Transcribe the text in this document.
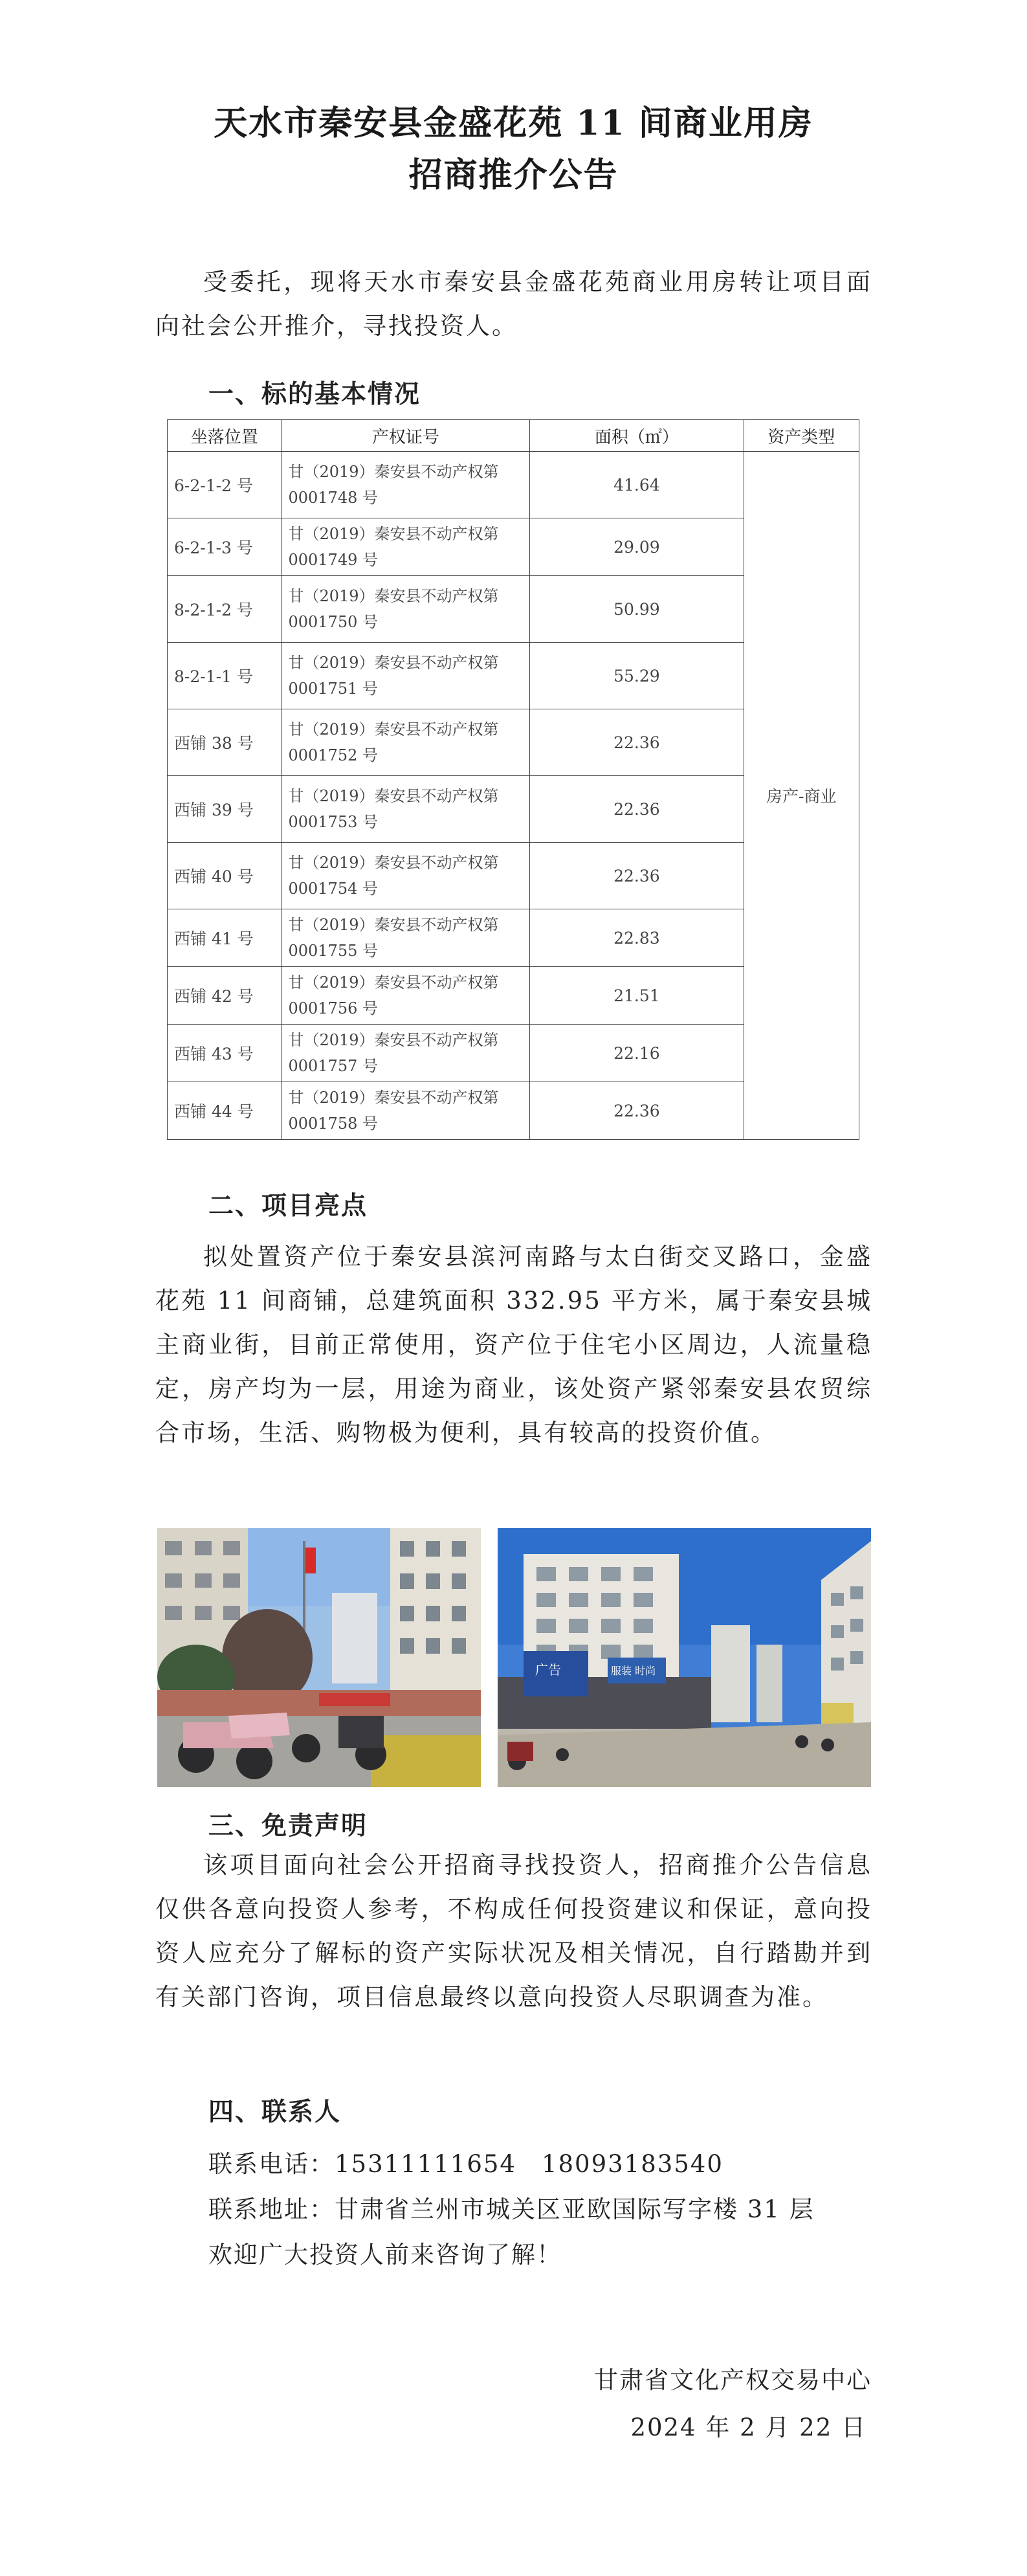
天水市秦安县金盛花苑 11 间商业用房
招商推介公告
受委托，现将天水市秦安县金盛花苑商业用房转让项目面向社会公开推介，寻找投资人。
一、标的基本情况
坐落位置	产权证号	面积（㎡）	资产类型
6-2-1-2 号	甘（2019）秦安县不动产权第
0001748 号	41.64	房产-商业
6-2-1-3 号	甘（2019）秦安县不动产权第
0001749 号	29.09	
8-2-1-2 号	甘（2019）秦安县不动产权第
0001750 号	50.99	
8-2-1-1 号	甘（2019）秦安县不动产权第
0001751 号	55.29	
西铺 38 号	甘（2019）秦安县不动产权第
0001752 号	22.36	
西铺 39 号	甘（2019）秦安县不动产权第
0001753 号	22.36	
西铺 40 号	甘（2019）秦安县不动产权第
0001754 号	22.36	
西铺 41 号	甘（2019）秦安县不动产权第
0001755 号	22.83	
西铺 42 号	甘（2019）秦安县不动产权第
0001756 号	21.51	
西铺 43 号	甘（2019）秦安县不动产权第
0001757 号	22.16	
西铺 44 号	甘（2019）秦安县不动产权第
0001758 号	22.36	
二、项目亮点
拟处置资产位于秦安县滨河南路与太白街交叉路口，金盛花苑 11 间商铺，总建筑面积 332.95 平方米，属于秦安县城主商业街，目前正常使用，资产位于住宅小区周边，人流量稳定，房产均为一层，用途为商业，该处资产紧邻秦安县农贸综合市场，生活、购物极为便利，具有较高的投资价值。
广告	服装 时尚
三、免责声明
该项目面向社会公开招商寻找投资人，招商推介公告信息仅供各意向投资人参考，不构成任何投资建议和保证，意向投资人应充分了解标的资产实际状况及相关情况，自行踏勘并到有关部门咨询，项目信息最终以意向投资人尽职调查为准。
四、联系人
联系电话：15311111654　18093183540
联系地址：甘肃省兰州市城关区亚欧国际写字楼 31 层
欢迎广大投资人前来咨询了解！
甘肃省文化产权交易中心
2024 年 2 月 22 日
